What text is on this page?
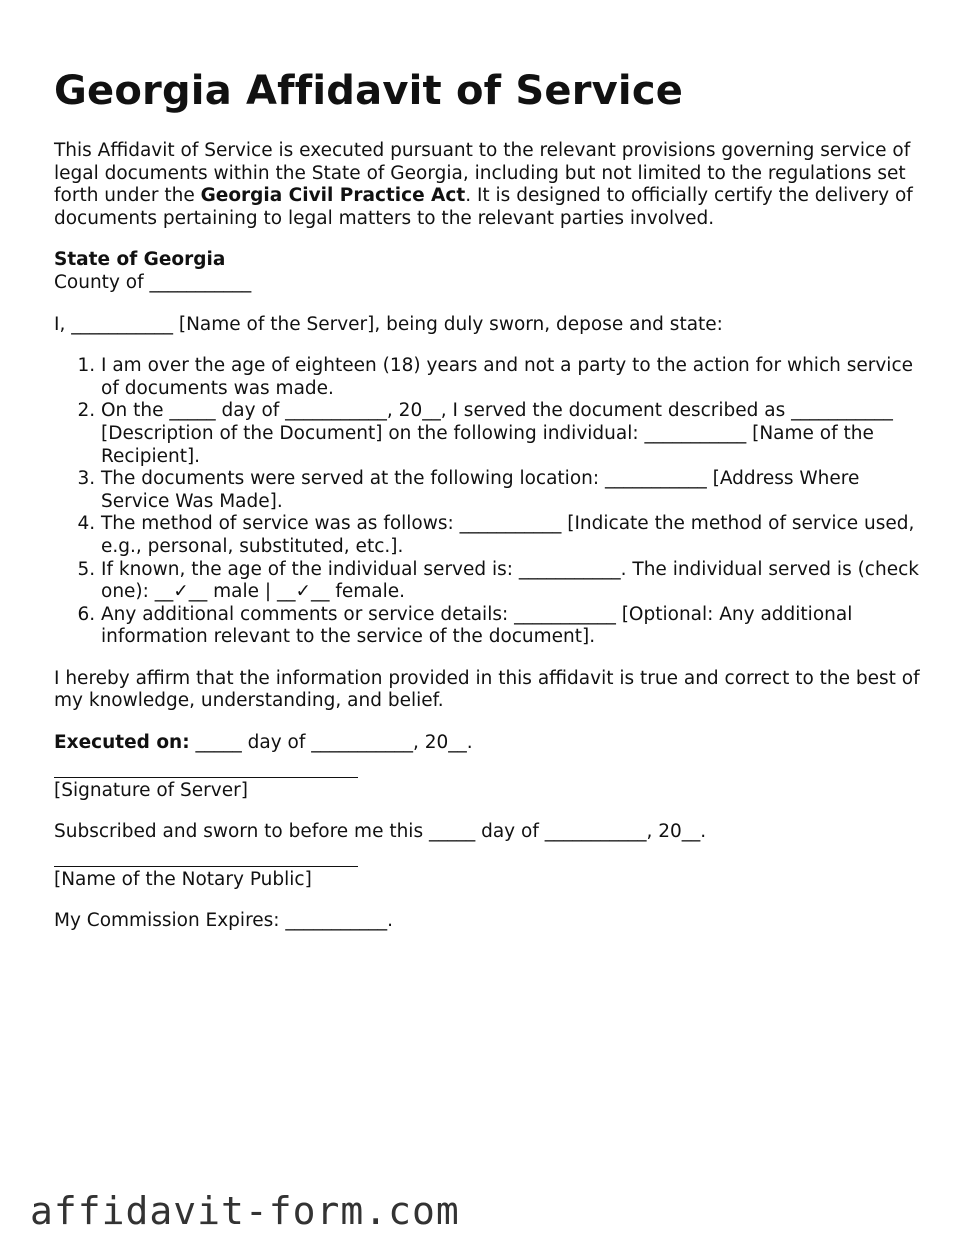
Georgia Affidavit of Service

This Affidavit of Service is executed pursuant to the relevant provisions governing service of legal documents within the State of Georgia, including but not limited to the regulations set forth under the Georgia Civil Practice Act. It is designed to officially certify the delivery of documents pertaining to legal matters to the relevant parties involved.

State of Georgia
County of ___________

I, ___________ [Name of the Server], being duly sworn, depose and state:

1. I am over the age of eighteen (18) years and not a party to the action for which service of documents was made.
2. On the _____ day of ___________, 20__, I served the document described as ___________ [Description of the Document] on the following individual: ___________ [Name of the Recipient].
3. The documents were served at the following location: ___________ [Address Where Service Was Made].
4. The method of service was as follows: ___________ [Indicate the method of service used, e.g., personal, substituted, etc.].
5. If known, the age of the individual served is: ___________. The individual served is (check one): __✓__ male | __✓__ female.
6. Any additional comments or service details: ___________ [Optional: Any additional information relevant to the service of the document].

I hereby affirm that the information provided in this affidavit is true and correct to the best of my knowledge, understanding, and belief.

Executed on: _____ day of ___________, 20__.

[Signature of Server]

Subscribed and sworn to before me this _____ day of ___________, 20__.

[Name of the Notary Public]

My Commission Expires: ___________.

affidavit-form.com
